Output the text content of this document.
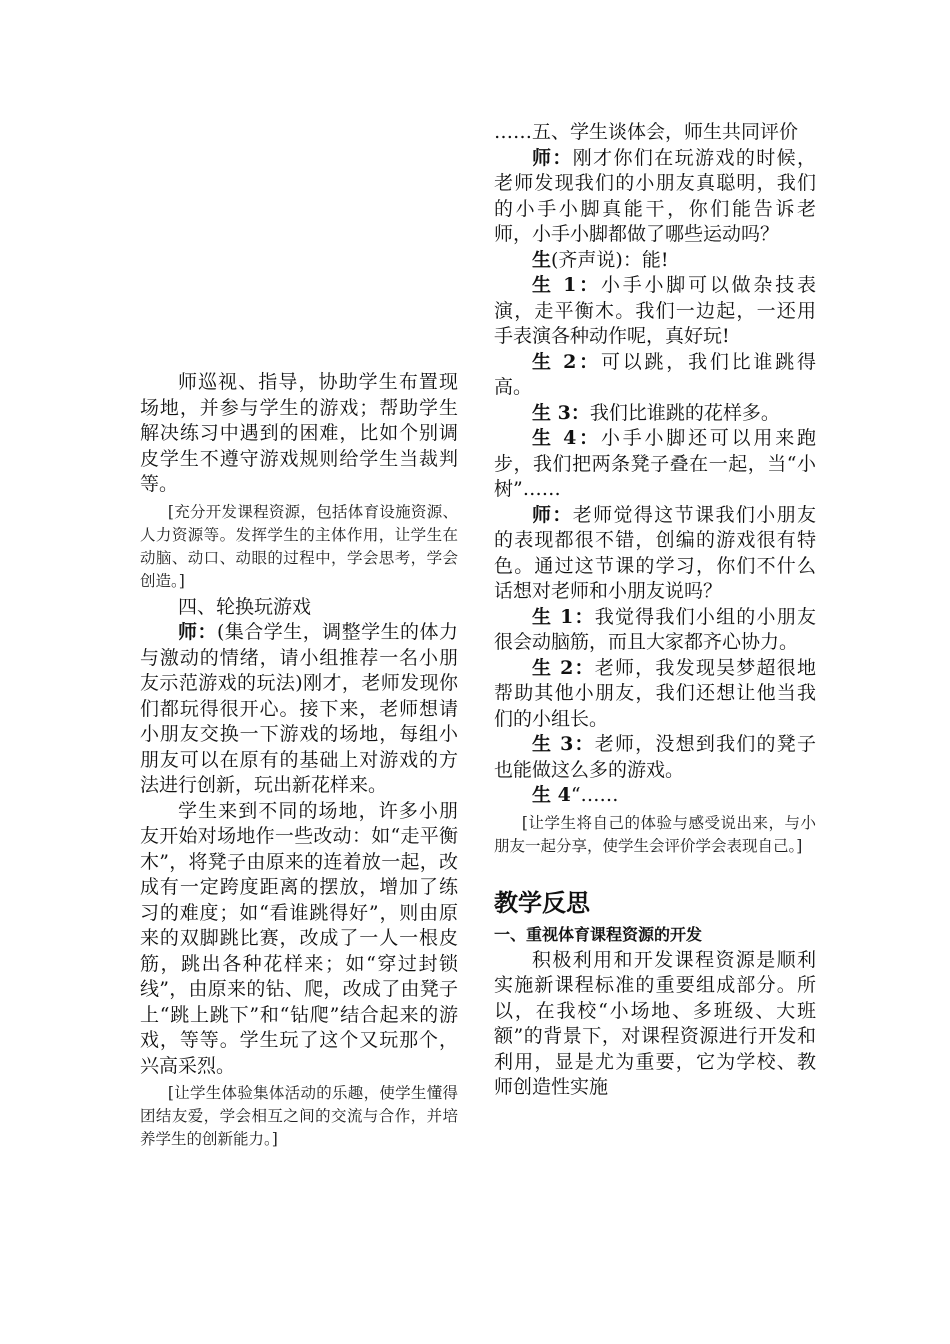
师巡视、指导，协助学生布置现场地，并参与学生的游戏；帮助学生解决练习中遇到的困难，比如个别调皮学生不遵守游戏规则给学生当裁判等。

[充分开发课程资源，包括体育设施资源、人力资源等。发挥学生的主体作用，让学生在动脑、动口、动眼的过程中，学会思考，学会创造。]

四、轮换玩游戏

师：(集合学生，调整学生的体力与激动的情绪，请小组推荐一名小朋友示范游戏的玩法)刚才，老师发现你们都玩得很开心。接下来，老师想请小朋友交换一下游戏的场地，每组小朋友可以在原有的基础上对游戏的方法进行创新，玩出新花样来。

学生来到不同的场地，许多小朋友开始对场地作一些改动：如“走平衡木”，将凳子由原来的连着放一起，改成有一定跨度距离的摆放，增加了练习的难度；如“看谁跳得好”，则由原来的双脚跳比赛，改成了一人一根皮筋，跳出各种花样来；如“穿过封锁线”，由原来的钻、爬，改成了由凳子上“跳上跳下”和“钻爬”结合起来的游戏，等等。学生玩了这个又玩那个，兴高采烈。

[让学生体验集体活动的乐趣，使学生懂得团结友爱，学会相互之间的交流与合作，并培养学生的创新能力。]

……五、学生谈体会，师生共同评价

师：刚才你们在玩游戏的时候，老师发现我们的小朋友真聪明，我们的小手小脚真能干，你们能告诉老师，小手小脚都做了哪些运动吗？

生(齐声说)：能!

生 1：小手小脚可以做杂技表演，走平衡木。我们一边起，一还用手表演各种动作呢，真好玩!

生 2：可以跳，我们比谁跳得高。

生 3：我们比谁跳的花样多。

生 4：小手小脚还可以用来跑步，我们把两条凳子叠在一起，当“小树”……

师：老师觉得这节课我们小朋友的表现都很不错，创编的游戏很有特色。通过这节课的学习，你们不什么话想对老师和小朋友说吗？

生 1：我觉得我们小组的小朋友很会动脑筋，而且大家都齐心协力。

生 2：老师，我发现吴梦超很地帮助其他小朋友，我们还想让他当我们的小组长。

生 3：老师，没想到我们的凳子也能做这么多的游戏。

生 4“……

[让学生将自己的体验与感受说出来，与小朋友一起分享，使学生会评价学会表现自己。]

教学反思

一、重视体育课程资源的开发

积极利用和开发课程资源是顺利实施新课程标准的重要组成部分。所以，在我校“小场地、多班级、大班额”的背景下，对课程资源进行开发和利用，显是尤为重要，它为学校、教师创造性实施
